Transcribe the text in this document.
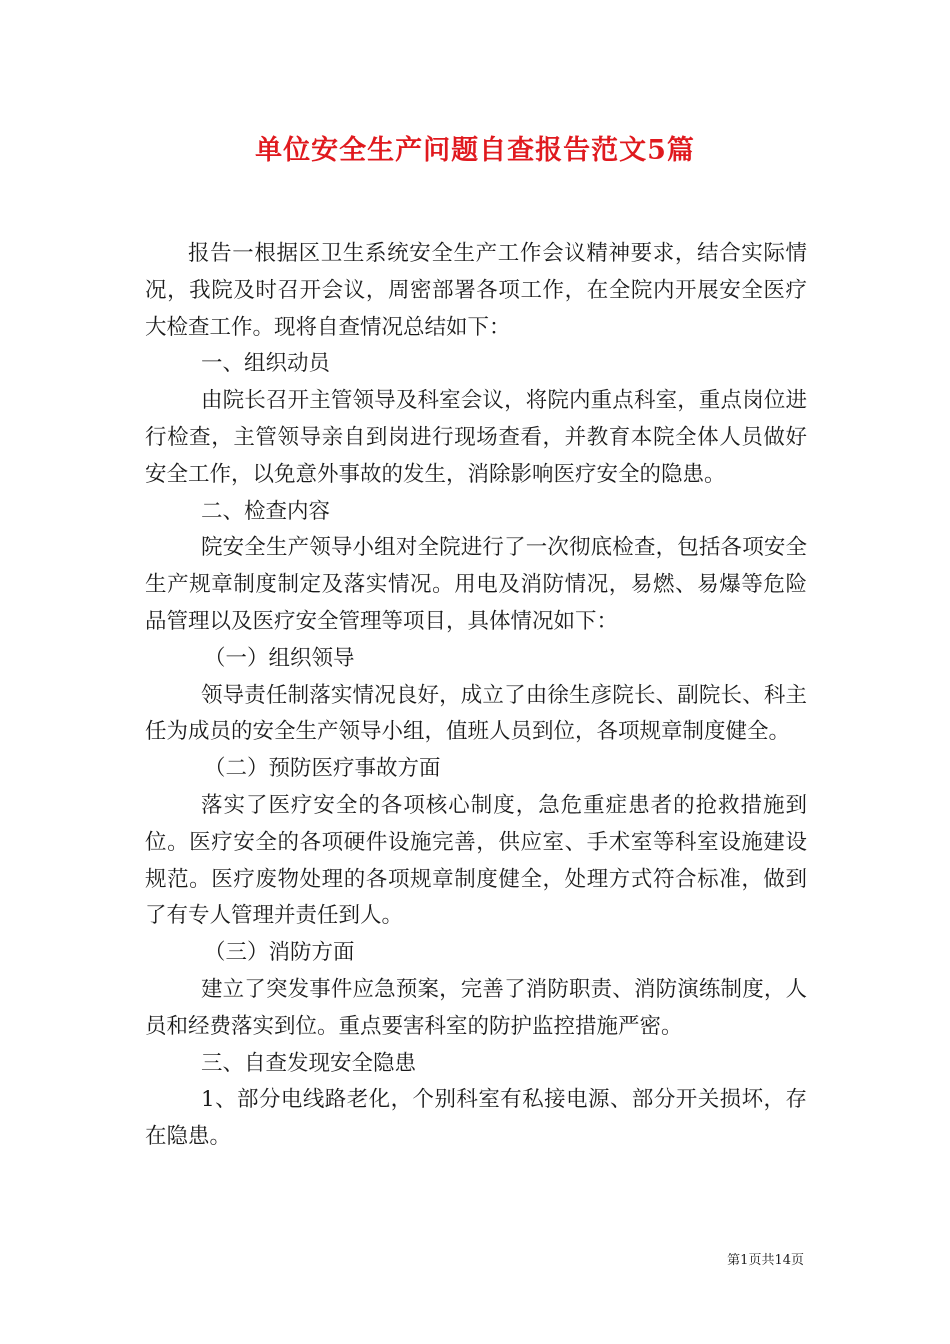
单位安全生产问题自查报告范文5篇

报告一根据区卫生系统安全生产工作会议精神要求，结合实际情况，我院及时召开会议，周密部署各项工作，在全院内开展安全医疗大检查工作。现将自查情况总结如下：

一、组织动员

由院长召开主管领导及科室会议，将院内重点科室，重点岗位进行检查，主管领导亲自到岗进行现场查看，并教育本院全体人员做好安全工作，以免意外事故的发生，消除影响医疗安全的隐患。

二、检查内容

院安全生产领导小组对全院进行了一次彻底检查，包括各项安全生产规章制度制定及落实情况。用电及消防情况，易燃、易爆等危险品管理以及医疗安全管理等项目，具体情况如下：

（一）组织领导

领导责任制落实情况良好，成立了由徐生彦院长、副院长、科主任为成员的安全生产领导小组，值班人员到位，各项规章制度健全。

（二）预防医疗事故方面

落实了医疗安全的各项核心制度，急危重症患者的抢救措施到位。医疗安全的各项硬件设施完善，供应室、手术室等科室设施建设规范。医疗废物处理的各项规章制度健全，处理方式符合标准，做到了有专人管理并责任到人。

（三）消防方面

建立了突发事件应急预案，完善了消防职责、消防演练制度，人员和经费落实到位。重点要害科室的防护监控措施严密。

三、自查发现安全隐患

1、部分电线路老化，个别科室有私接电源、部分开关损坏，存在隐患。

第1页共14页
